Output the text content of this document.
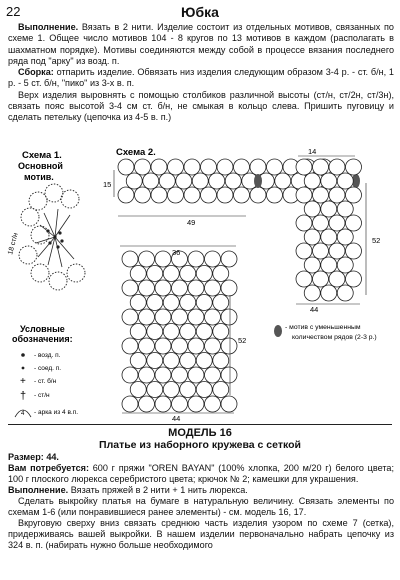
22	Юбка

Выполнение. Вязать в 2 нити. Изделие состоит из отдельных мотивов, связанных по схеме 1. Общее число мотивов 104 - 8 кругов по 13 мотивов в каждом (располагать в шахматном порядке). Мотивы соединяются между собой в процессе вязания последнего ряда под "арку" из возд. п.

Сборка: отпарить изделие. Обвязать низ изделия следующим образом 3-4 р. - ст. б/н, 1 р. - 5 ст. б/н, "пико" из 3-х в. п.

Верх изделия выровнять с помощью столбиков различной высоты (ст/н, ст/2н, ст/3н), связать пояс высотой 3-4 см ст. б/н, не смыкая в кольцо слева. Пришить пуговицу и сделать петельку (цепочка из 4-5 в. п.)

Схема 1.
Основной
мотив.
18 ст/н
Условные
обозначения:
- возд. п.
- соед. п.
+ - ст. б/н
† - ст/н
4 - арка из 4 в.п.
Схема 2.
15
49
14
52
44
36
52
44
- мотив с уменьшенным
количеством рядов (2-3 р.)
МОДЕЛЬ 16
Платье из наборного кружева с сеткой

Размер: 44.

Вам потребуется: 600 г пряжи "OREN BAYAN" (100% хлопка, 200 м/20 г) белого цвета; 100 г плоского люрекса серебристого цвета; крючок № 2; камешки для украшения.

Выполнение. Вязать пряжей в 2 нити + 1 нить люрекса.

Сделать выкройку платья на бумаге в натуральную величину. Связать элементы по схемам 1-6 (или понравившиеся ранее элементы) - см. модель 16, 17.

Вкруговую сверху вниз связать среднюю часть изделия узором по схеме 7 (сетка), придерживаясь вашей выкройки. В нашем изделии первоначально набрать цепочку из 324 в. п. (набирать нужно больше необходимого
